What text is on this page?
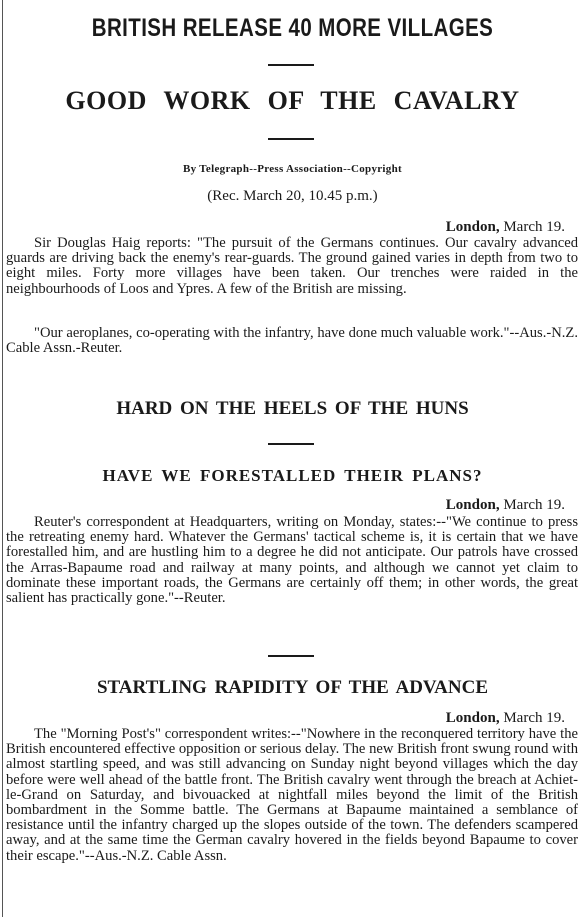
BRITISH RELEASE 40 MORE VILLAGES
GOOD WORK OF THE CAVALRY
By Telegraph--Press Association--Copyright
(Rec. March 20, 10.45 p.m.)
London, March 19.

Sir Douglas Haig reports: "The pursuit of the Germans continues. Our cavalry advanced guards are driving back the enemy's rear-guards. The ground gained varies in depth from two to eight miles. Forty more villages have been taken. Our trenches were raided in the neighbourhoods of Loos and Ypres. A few of the British are missing.

"Our aeroplanes, co-operating with the infantry, have done much valuable work."--Aus.-N.Z. Cable Assn.-Reuter.

HARD ON THE HEELS OF THE HUNS
HAVE WE FORESTALLED THEIR PLANS?
London, March 19.

Reuter's correspondent at Headquarters, writing on Monday, states:--"We continue to press the retreating enemy hard. Whatever the Germans' tactical scheme is, it is certain that we have forestalled him, and are hustling him to a degree he did not anticipate. Our patrols have crossed the Arras-Bapaume road and railway at many points, and although we cannot yet claim to dominate these important roads, the Germans are certainly off them; in other words, the great salient has practically gone."--Reuter.

STARTLING RAPIDITY OF THE ADVANCE
London, March 19.

The "Morning Post's" correspondent writes:--"Nowhere in the reconquered territory have the British encountered effective opposition or serious delay. The new British front swung round with almost startling speed, and was still advancing on Sunday night beyond villages which the day before were well ahead of the battle front. The British cavalry went through the breach at Achiet-le-Grand on Saturday, and bivouacked at nightfall miles beyond the limit of the British bombardment in the Somme battle. The Germans at Bapaume maintained a semblance of resistance until the infantry charged up the slopes outside of the town. The defenders scampered away, and at the same time the German cavalry hovered in the fields beyond Bapaume to cover their escape."--Aus.-N.Z. Cable Assn.
